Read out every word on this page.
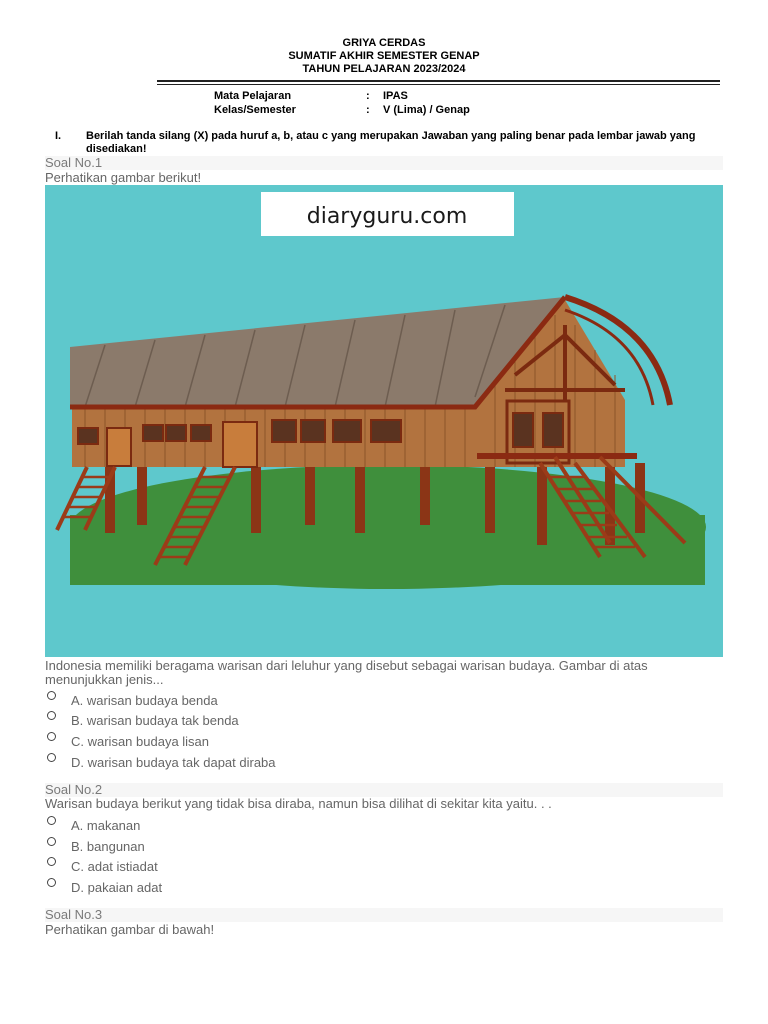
GRIYA CERDAS
SUMATIF AKHIR SEMESTER GENAP
TAHUN PELAJARAN 2023/2024
Mata Pelajaran	: IPAS
Kelas/Semester	: V (Lima) / Genap
I. Berilah tanda silang (X) pada huruf a, b, atau c yang merupakan Jawaban yang paling benar pada lembar jawab yang disediakan!
Soal No.1
Perhatikan gambar berikut!
diaryguru.com
Indonesia memiliki beragama warisan dari leluhur yang disebut sebagai warisan budaya. Gambar di atas menunjukkan jenis...
A. warisan budaya benda
B. warisan budaya tak benda
C. warisan budaya lisan
D. warisan budaya tak dapat diraba
Soal No.2
Warisan budaya berikut yang tidak bisa diraba, namun bisa dilihat di sekitar kita yaitu. . .
A. makanan
B. bangunan
C. adat istiadat
D. pakaian adat
Soal No.3
Perhatikan gambar di bawah!
